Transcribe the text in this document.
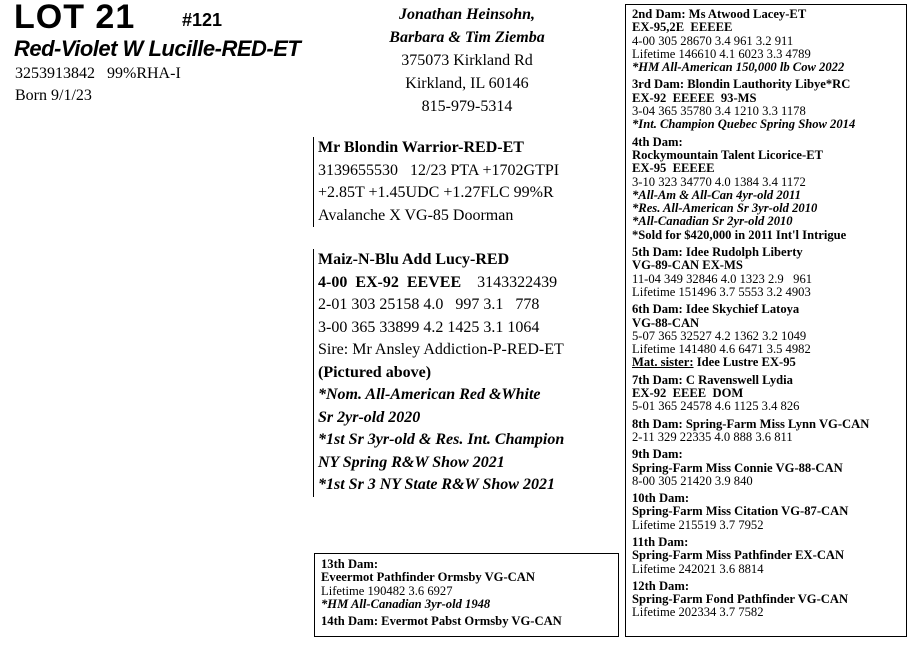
LOT 21	#121
Red-Violet W Lucille-RED-ET
3253913842   99%RHA-I
Born 9/1/23
Jonathan Heinsohn,
Barbara & Tim Ziemba
375073 Kirkland Rd
Kirkland, IL 60146
815-979-5314
Mr Blondin Warrior-RED-ET
3139655530   12/23 PTA +1702GTPI
+2.85T +1.45UDC +1.27FLC 99%R
Avalanche X VG-85 Doorman
Maiz-N-Blu Add Lucy-RED
4-00  EX-92  EEVEE 3143322439
2-01 303 25158 4.0   997 3.1   778
3-00 365 33899 4.2 1425 3.1 1064
Sire: Mr Ansley Addiction-P-RED-ET
(Pictured above)
*Nom. All-American Red &White
Sr 2yr-old 2020
*1st Sr 3yr-old & Res. Int. Champion
NY Spring R&W Show 2021
*1st Sr 3 NY State R&W Show 2021
2nd Dam: Ms Atwood Lacey-ET
EX-95,2E  EEEEE
4-00 305 28670 3.4 961 3.2 911
Lifetime 146610 4.1 6023 3.3 4789
*HM All-American 150,000 lb Cow 2022
3rd Dam: Blondin Lauthority Libye*RC
EX-92  EEEEE  93-MS
3-04 365 35780 3.4 1210 3.3 1178
*Int. Champion Quebec Spring Show 2014
4th Dam:
Rockymountain Talent Licorice-ET
EX-95  EEEEE
3-10 323 34770 4.0 1384 3.4 1172
*All-Am & All-Can 4yr-old 2011
*Res. All-American Sr 3yr-old 2010
*All-Canadian Sr 2yr-old 2010
*Sold for $420,000 in 2011 Int'l Intrigue
5th Dam: Idee Rudolph Liberty
VG-89-CAN EX-MS
11-04 349 32846 4.0 1323 2.9   961
Lifetime 151496 3.7 5553 3.2 4903
6th Dam: Idee Skychief Latoya
VG-88-CAN
5-07 365 32527 4.2 1362 3.2 1049
Lifetime 141480 4.6 6471 3.5 4982
Mat. sister: Idee Lustre EX-95
7th Dam: C Ravenswell Lydia
EX-92  EEEE  DOM
5-01 365 24578 4.6 1125 3.4 826
8th Dam: Spring-Farm Miss Lynn VG-CAN
2-11 329 22335 4.0 888 3.6 811
9th Dam:
Spring-Farm Miss Connie VG-88-CAN
8-00 305 21420 3.9 840
10th Dam:
Spring-Farm Miss Citation VG-87-CAN
Lifetime 215519 3.7 7952
11th Dam:
Spring-Farm Miss Pathfinder EX-CAN
Lifetime 242021 3.6 8814
12th Dam:
Spring-Farm Fond Pathfinder VG-CAN
Lifetime 202334 3.7 7582
13th Dam:
Eveermot Pathfinder Ormsby VG-CAN
Lifetime 190482 3.6 6927
*HM All-Canadian 3yr-old 1948
14th Dam: Evermot Pabst Ormsby VG-CAN
